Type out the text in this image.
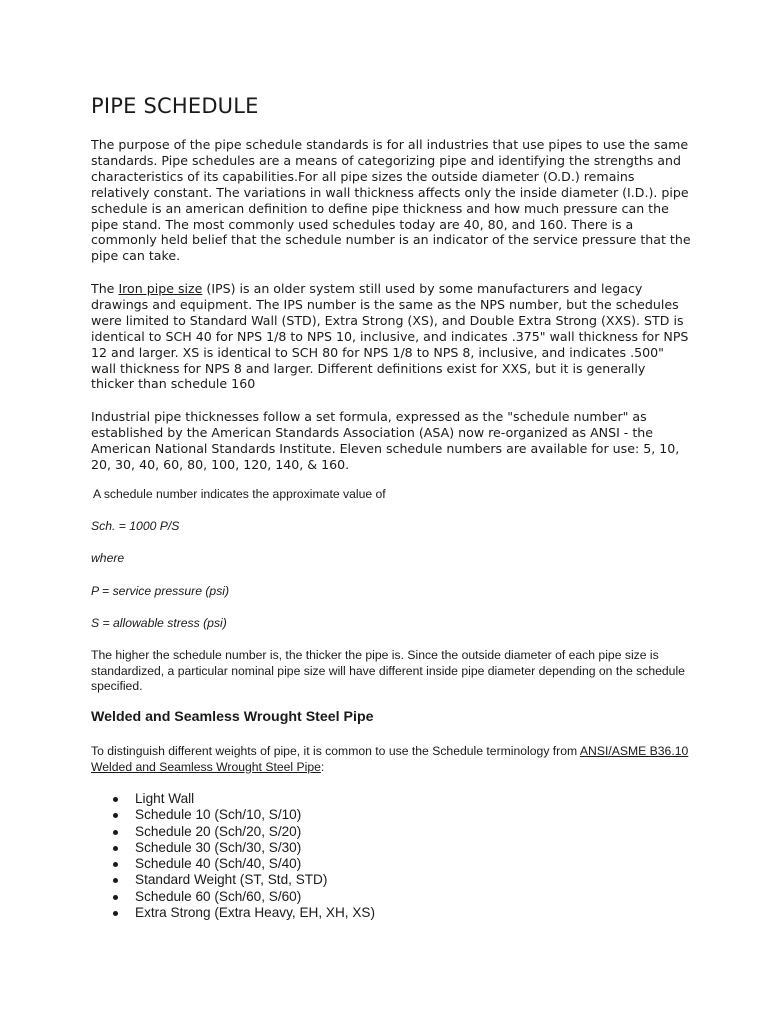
PIPE SCHEDULE

The purpose of the pipe schedule standards is for all industries that use pipes to use the same standards. Pipe schedules are a means of categorizing pipe and identifying the strengths and characteristics of its capabilities.For all pipe sizes the outside diameter (O.D.) remains relatively constant. The variations in wall thickness affects only the inside diameter (I.D.). pipe schedule is an american definition to define pipe thickness and how much pressure can the pipe stand. The most commonly used schedules today are 40, 80, and 160. There is a commonly held belief that the schedule number is an indicator of the service pressure that the pipe can take.

The Iron pipe size (IPS) is an older system still used by some manufacturers and legacy drawings and equipment. The IPS number is the same as the NPS number, but the schedules were limited to Standard Wall (STD), Extra Strong (XS), and Double Extra Strong (XXS). STD is identical to SCH 40 for NPS 1/8 to NPS 10, inclusive, and indicates .375" wall thickness for NPS 12 and larger. XS is identical to SCH 80 for NPS 1/8 to NPS 8, inclusive, and indicates .500" wall thickness for NPS 8 and larger. Different definitions exist for XXS, but it is generally thicker than schedule 160

Industrial pipe thicknesses follow a set formula, expressed as the "schedule number" as established by the American Standards Association (ASA) now re-organized as ANSI - the American National Standards Institute. Eleven schedule numbers are available for use: 5, 10, 20, 30, 40, 60, 80, 100, 120, 140, & 160.

A schedule number indicates the approximate value of

Sch. = 1000 P/S

where

P = service pressure (psi)

S = allowable stress (psi)

The higher the schedule number is, the thicker the pipe is. Since the outside diameter of each pipe size is standardized, a particular nominal pipe size will have different inside pipe diameter depending on the schedule specified.

Welded and Seamless Wrought Steel Pipe

To distinguish different weights of pipe, it is common to use the Schedule terminology from ANSI/ASME B36.10 Welded and Seamless Wrought Steel Pipe:

Light Wall
Schedule 10 (Sch/10, S/10)
Schedule 20 (Sch/20, S/20)
Schedule 30 (Sch/30, S/30)
Schedule 40 (Sch/40, S/40)
Standard Weight (ST, Std, STD)
Schedule 60 (Sch/60, S/60)
Extra Strong (Extra Heavy, EH, XH, XS)
